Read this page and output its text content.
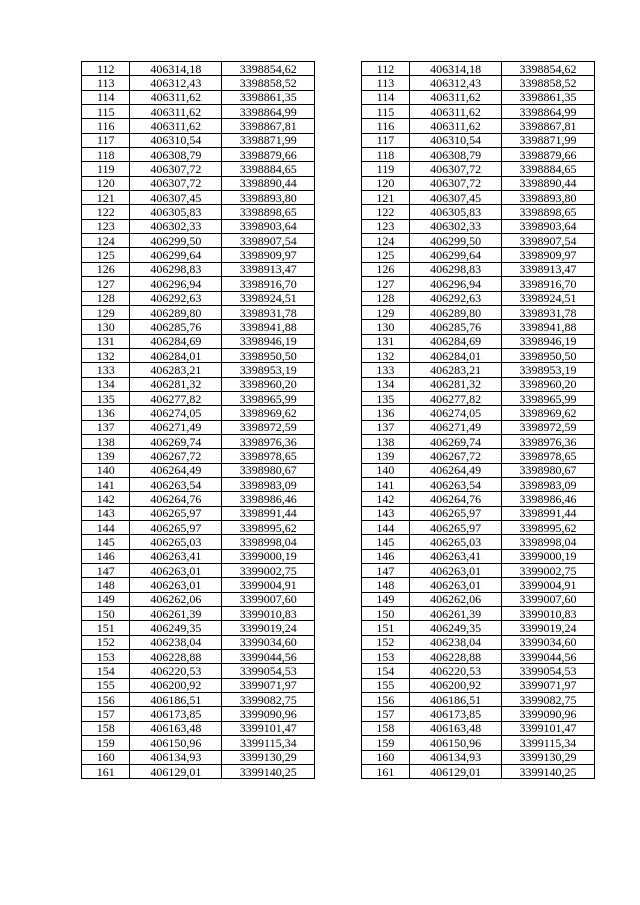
112	406314,18	3398854,62		112	406314,18	3398854,62
113	406312,43	3398858,52		113	406312,43	3398858,52
114	406311,62	3398861,35		114	406311,62	3398861,35
115	406311,62	3398864,99		115	406311,62	3398864,99
116	406311,62	3398867,81		116	406311,62	3398867,81
117	406310,54	3398871,99		117	406310,54	3398871,99
118	406308,79	3398879,66		118	406308,79	3398879,66
119	406307,72	3398884,65		119	406307,72	3398884,65
120	406307,72	3398890,44		120	406307,72	3398890,44
121	406307,45	3398893,80		121	406307,45	3398893,80
122	406305,83	3398898,65		122	406305,83	3398898,65
123	406302,33	3398903,64		123	406302,33	3398903,64
124	406299,50	3398907,54		124	406299,50	3398907,54
125	406299,64	3398909,97		125	406299,64	3398909,97
126	406298,83	3398913,47		126	406298,83	3398913,47
127	406296,94	3398916,70		127	406296,94	3398916,70
128	406292,63	3398924,51		128	406292,63	3398924,51
129	406289,80	3398931,78		129	406289,80	3398931,78
130	406285,76	3398941,88		130	406285,76	3398941,88
131	406284,69	3398946,19		131	406284,69	3398946,19
132	406284,01	3398950,50		132	406284,01	3398950,50
133	406283,21	3398953,19		133	406283,21	3398953,19
134	406281,32	3398960,20		134	406281,32	3398960,20
135	406277,82	3398965,99		135	406277,82	3398965,99
136	406274,05	3398969,62		136	406274,05	3398969,62
137	406271,49	3398972,59		137	406271,49	3398972,59
138	406269,74	3398976,36		138	406269,74	3398976,36
139	406267,72	3398978,65		139	406267,72	3398978,65
140	406264,49	3398980,67		140	406264,49	3398980,67
141	406263,54	3398983,09		141	406263,54	3398983,09
142	406264,76	3398986,46		142	406264,76	3398986,46
143	406265,97	3398991,44		143	406265,97	3398991,44
144	406265,97	3398995,62		144	406265,97	3398995,62
145	406265,03	3398998,04		145	406265,03	3398998,04
146	406263,41	3399000,19		146	406263,41	3399000,19
147	406263,01	3399002,75		147	406263,01	3399002,75
148	406263,01	3399004,91		148	406263,01	3399004,91
149	406262,06	3399007,60		149	406262,06	3399007,60
150	406261,39	3399010,83		150	406261,39	3399010,83
151	406249,35	3399019,24		151	406249,35	3399019,24
152	406238,04	3399034,60		152	406238,04	3399034,60
153	406228,88	3399044,56		153	406228,88	3399044,56
154	406220,53	3399054,53		154	406220,53	3399054,53
155	406200,92	3399071,97		155	406200,92	3399071,97
156	406186,51	3399082,75		156	406186,51	3399082,75
157	406173,85	3399090,96		157	406173,85	3399090,96
158	406163,48	3399101,47		158	406163,48	3399101,47
159	406150,96	3399115,34		159	406150,96	3399115,34
160	406134,93	3399130,29		160	406134,93	3399130,29
161	406129,01	3399140,25		161	406129,01	3399140,25
